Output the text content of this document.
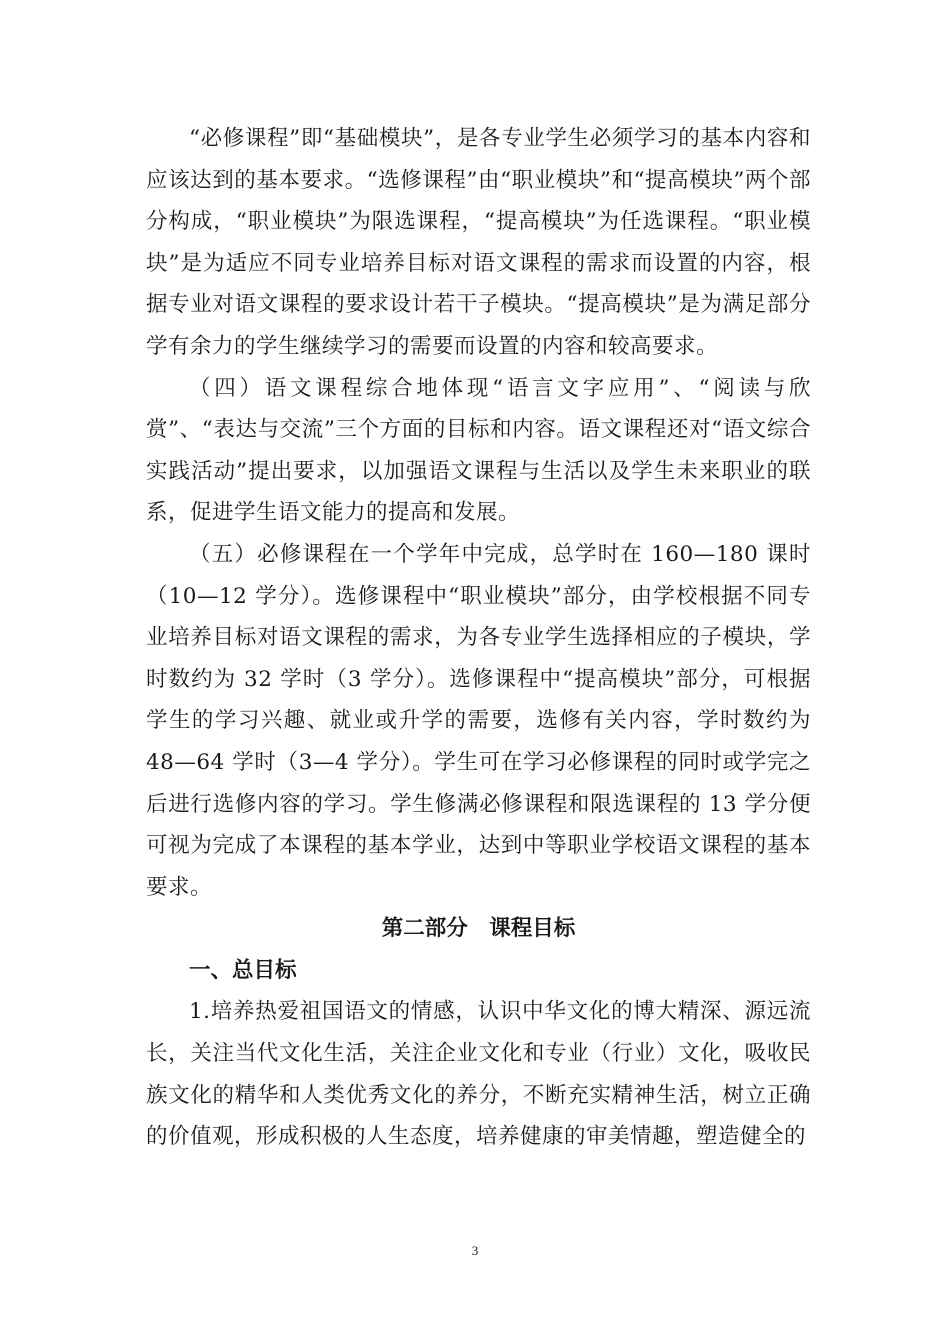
“必修课程”即“基础模块”，是各专业学生必须学习的基本内容和应该达到的基本要求。“选修课程”由“职业模块”和“提高模块”两个部分构成，“职业模块”为限选课程，“提高模块”为任选课程。“职业模块”是为适应不同专业培养目标对语文课程的需求而设置的内容，根据专业对语文课程的要求设计若干子模块。“提高模块”是为满足部分学有余力的学生继续学习的需要而设置的内容和较高要求。

（四）语文课程综合地体现“语言文字应用”、“阅读与欣赏”、“表达与交流”三个方面的目标和内容。语文课程还对“语文综合实践活动”提出要求，以加强语文课程与生活以及学生未来职业的联系，促进学生语文能力的提高和发展。

（五）必修课程在一个学年中完成，总学时在 160—180 课时（10—12 学分）。选修课程中“职业模块”部分，由学校根据不同专业培养目标对语文课程的需求，为各专业学生选择相应的子模块，学时数约为 32 学时（3 学分）。选修课程中“提高模块”部分，可根据学生的学习兴趣、就业或升学的需要，选修有关内容，学时数约为 48—64 学时（3—4 学分）。学生可在学习必修课程的同时或学完之后进行选修内容的学习。学生修满必修课程和限选课程的 13 学分便可视为完成了本课程的基本学业，达到中等职业学校语文课程的基本要求。

第二部分　课程目标

一、总目标

1.培养热爱祖国语文的情感，认识中华文化的博大精深、源远流长，关注当代文化生活，关注企业文化和专业（行业）文化，吸收民族文化的精华和人类优秀文化的养分，不断充实精神生活，树立正确的价值观，形成积极的人生态度，培养健康的审美情趣，塑造健全的

3
